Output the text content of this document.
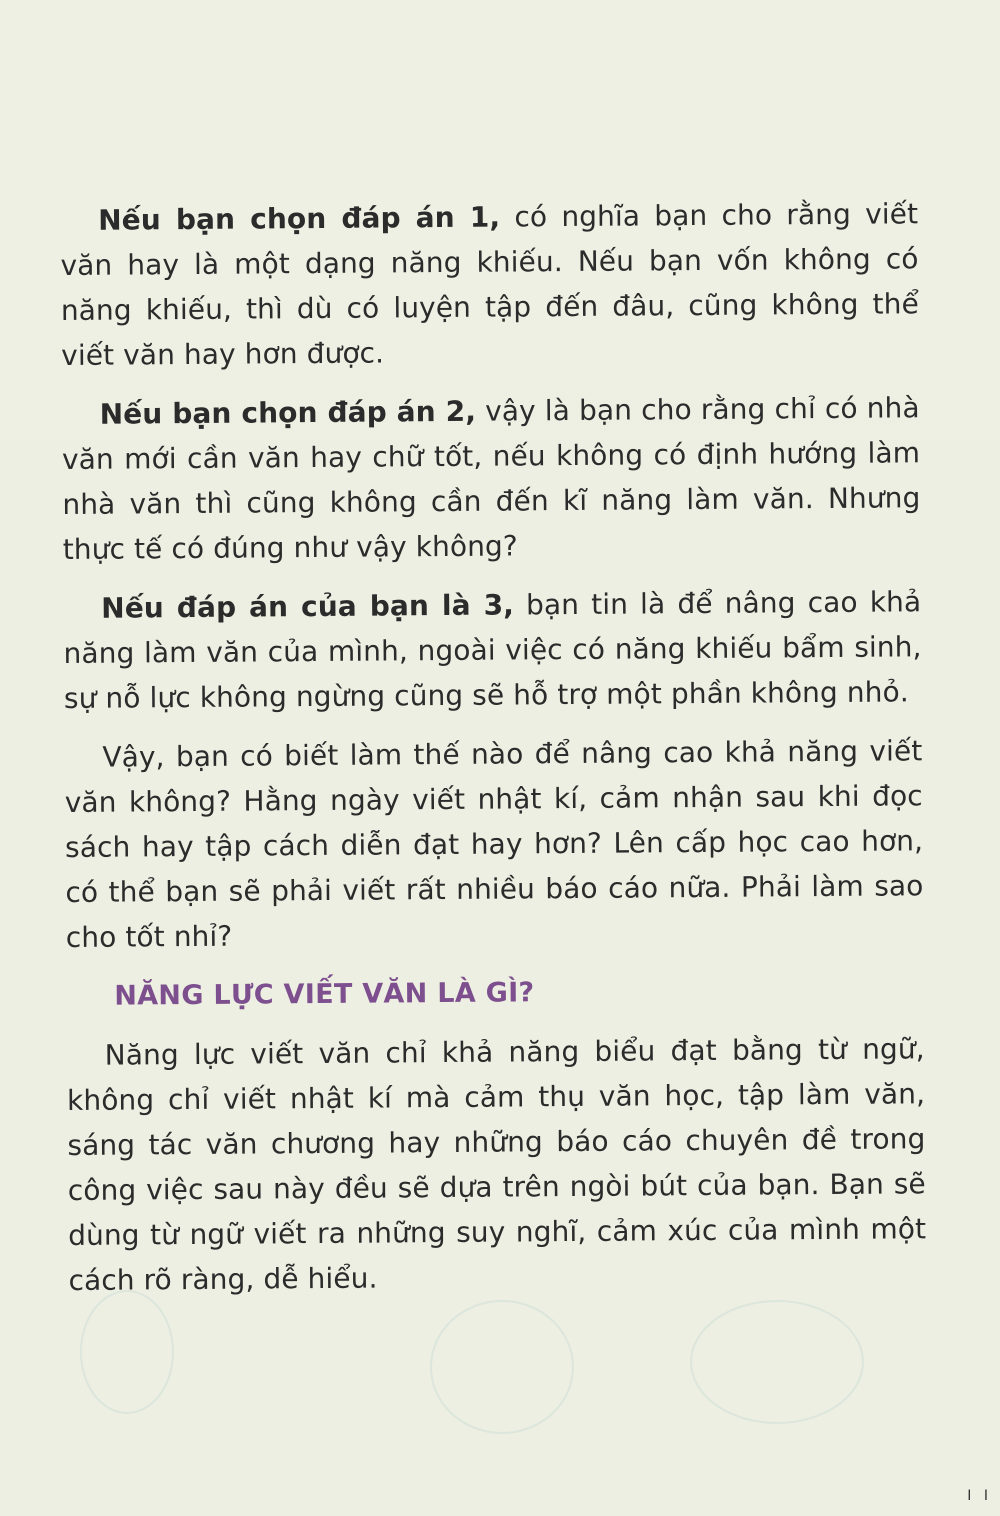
Nếu bạn chọn đáp án 1, có nghĩa bạn cho rằng viết văn hay là một dạng năng khiếu. Nếu bạn vốn không có năng khiếu, thì dù có luyện tập đến đâu, cũng không thể viết văn hay hơn được.

Nếu bạn chọn đáp án 2, vậy là bạn cho rằng chỉ có nhà văn mới cần văn hay chữ tốt, nếu không có định hướng làm nhà văn thì cũng không cần đến kĩ năng làm văn. Nhưng thực tế có đúng như vậy không?

Nếu đáp án của bạn là 3, bạn tin là để nâng cao khả năng làm văn của mình, ngoài việc có năng khiếu bẩm sinh, sự nỗ lực không ngừng cũng sẽ hỗ trợ một phần không nhỏ.

Vậy, bạn có biết làm thế nào để nâng cao khả năng viết văn không? Hằng ngày viết nhật kí, cảm nhận sau khi đọc sách hay tập cách diễn đạt hay hơn? Lên cấp học cao hơn, có thể bạn sẽ phải viết rất nhiều báo cáo nữa. Phải làm sao cho tốt nhỉ?

NĂNG LỰC VIẾT VĂN LÀ GÌ?

Năng lực viết văn chỉ khả năng biểu đạt bằng từ ngữ, không chỉ viết nhật kí mà cảm thụ văn học, tập làm văn, sáng tác văn chương hay những báo cáo chuyên đề trong công việc sau này đều sẽ dựa trên ngòi bút của bạn. Bạn sẽ dùng từ ngữ viết ra những suy nghĩ, cảm xúc của mình một cách rõ ràng, dễ hiểu.

I I
